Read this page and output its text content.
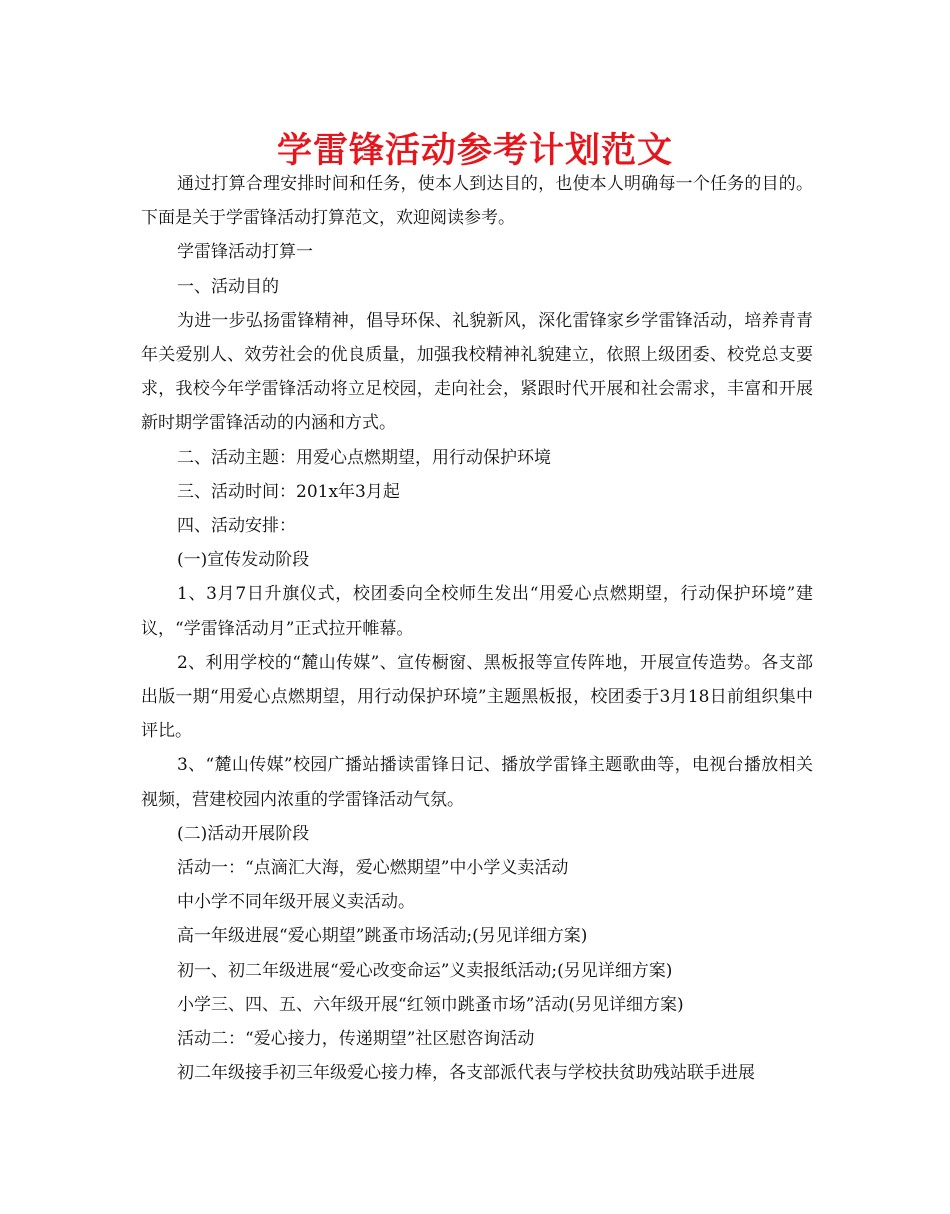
学雷锋活动参考计划范文

通过打算合理安排时间和任务，使本人到达目的，也使本人明确每一个任务的目的。下面是关于学雷锋活动打算范文，欢迎阅读参考。

学雷锋活动打算一

一、活动目的

为进一步弘扬雷锋精神，倡导环保、礼貌新风，深化雷锋家乡学雷锋活动，培养青青年关爱别人、效劳社会的优良质量，加强我校精神礼貌建立，依照上级团委、校党总支要求，我校今年学雷锋活动将立足校园，走向社会，紧跟时代开展和社会需求，丰富和开展新时期学雷锋活动的内涵和方式。

二、活动主题：用爱心点燃期望，用行动保护环境

三、活动时间：201x年3月起

四、活动安排：

(一)宣传发动阶段

1、3月7日升旗仪式，校团委向全校师生发出“用爱心点燃期望，行动保护环境”建议，“学雷锋活动月”正式拉开帷幕。

2、利用学校的“麓山传媒”、宣传橱窗、黑板报等宣传阵地，开展宣传造势。各支部出版一期“用爱心点燃期望，用行动保护环境”主题黑板报，校团委于3月18日前组织集中评比。

3、“麓山传媒”校园广播站播读雷锋日记、播放学雷锋主题歌曲等，电视台播放相关视频，营建校园内浓重的学雷锋活动气氛。

(二)活动开展阶段

活动一：“点滴汇大海，爱心燃期望”中小学义卖活动

中小学不同年级开展义卖活动。

高一年级进展“爱心期望”跳蚤市场活动;(另见详细方案)

初一、初二年级进展“爱心改变命运”义卖报纸活动;(另见详细方案)

小学三、四、五、六年级开展“红领巾跳蚤市场”活动(另见详细方案)

活动二：“爱心接力，传递期望”社区慰咨询活动

初二年级接手初三年级爱心接力棒，各支部派代表与学校扶贫助残站联手进展
